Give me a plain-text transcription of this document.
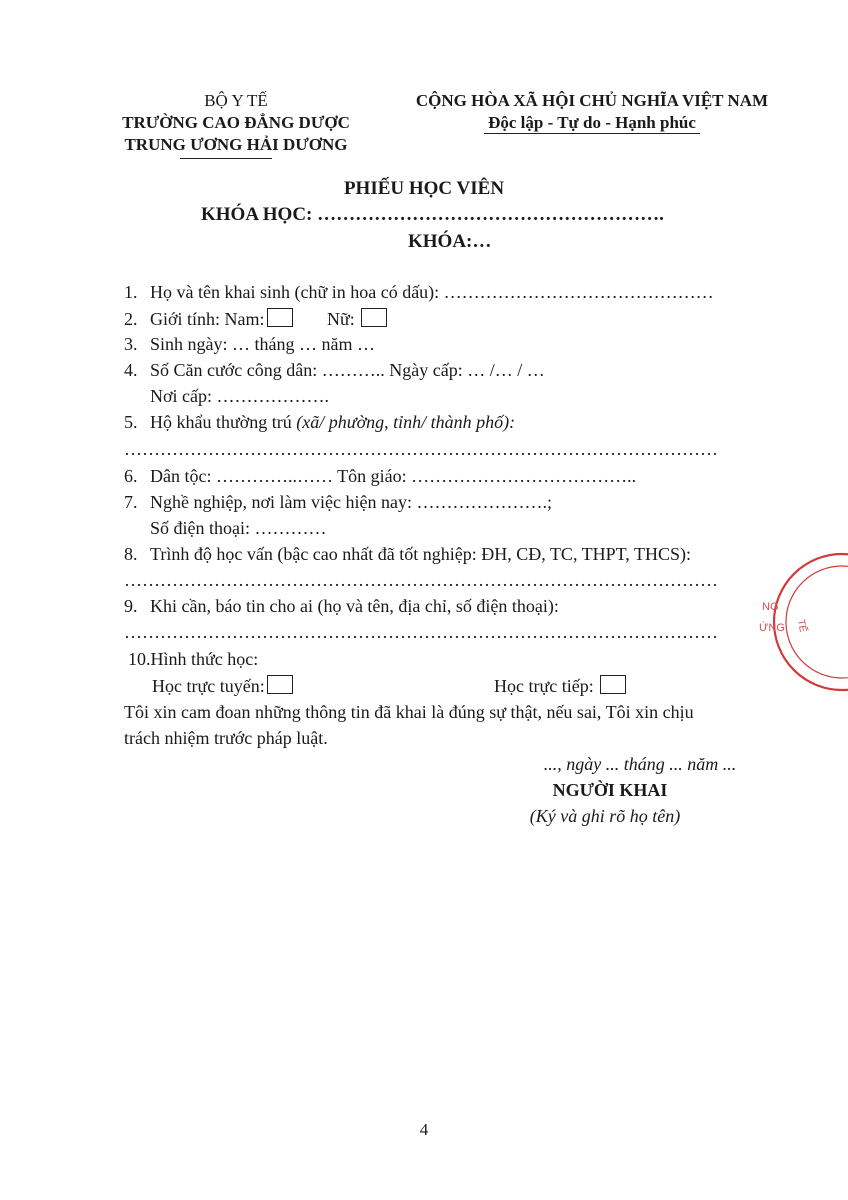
BỘ Y TẾ
TRƯỜNG CAO ĐẲNG DƯỢC
TRUNG ƯƠNG HẢI DƯƠNG
CỘNG HÒA XÃ HỘI CHỦ NGHĨA VIỆT NAM
Độc lập - Tự do - Hạnh phúc
PHIẾU HỌC VIÊN
KHÓA HỌC: ……………………………………………….
KHÓA:…
1. Họ và tên khai sinh (chữ in hoa có dấu): ………………………………………
2. Giới tính: Nam:	Nữ:
3. Sinh ngày: … tháng … năm …
4. Số Căn cước công dân: ……….. Ngày cấp: … /… / …
Nơi cấp: ……………….
5. Hộ khẩu thường trú (xã/ phường, tỉnh/ thành phố):
………………………………………………………………………………………
6. Dân tộc: …………..…… Tôn giáo: ………………………………..
7. Nghề nghiệp, nơi làm việc hiện nay: ………………….;
Số điện thoại: …………
8. Trình độ học vấn (bậc cao nhất đã tốt nghiệp: ĐH, CĐ, TC, THPT, THCS):
………………………………………………………………………………………
9. Khi cần, báo tin cho ai (họ và tên, địa chỉ, số điện thoại):
………………………………………………………………………………………
10.Hình thức học:
Học trực tuyến:	Học trực tiếp:
Tôi xin cam đoan những thông tin đã khai là đúng sự thật, nếu sai, Tôi xin chịu
trách nhiệm trước pháp luật.
..., ngày ... tháng ... năm ...
NGƯỜI KHAI
(Ký và ghi rõ họ tên)
NG
ỨNG TẾ
4
